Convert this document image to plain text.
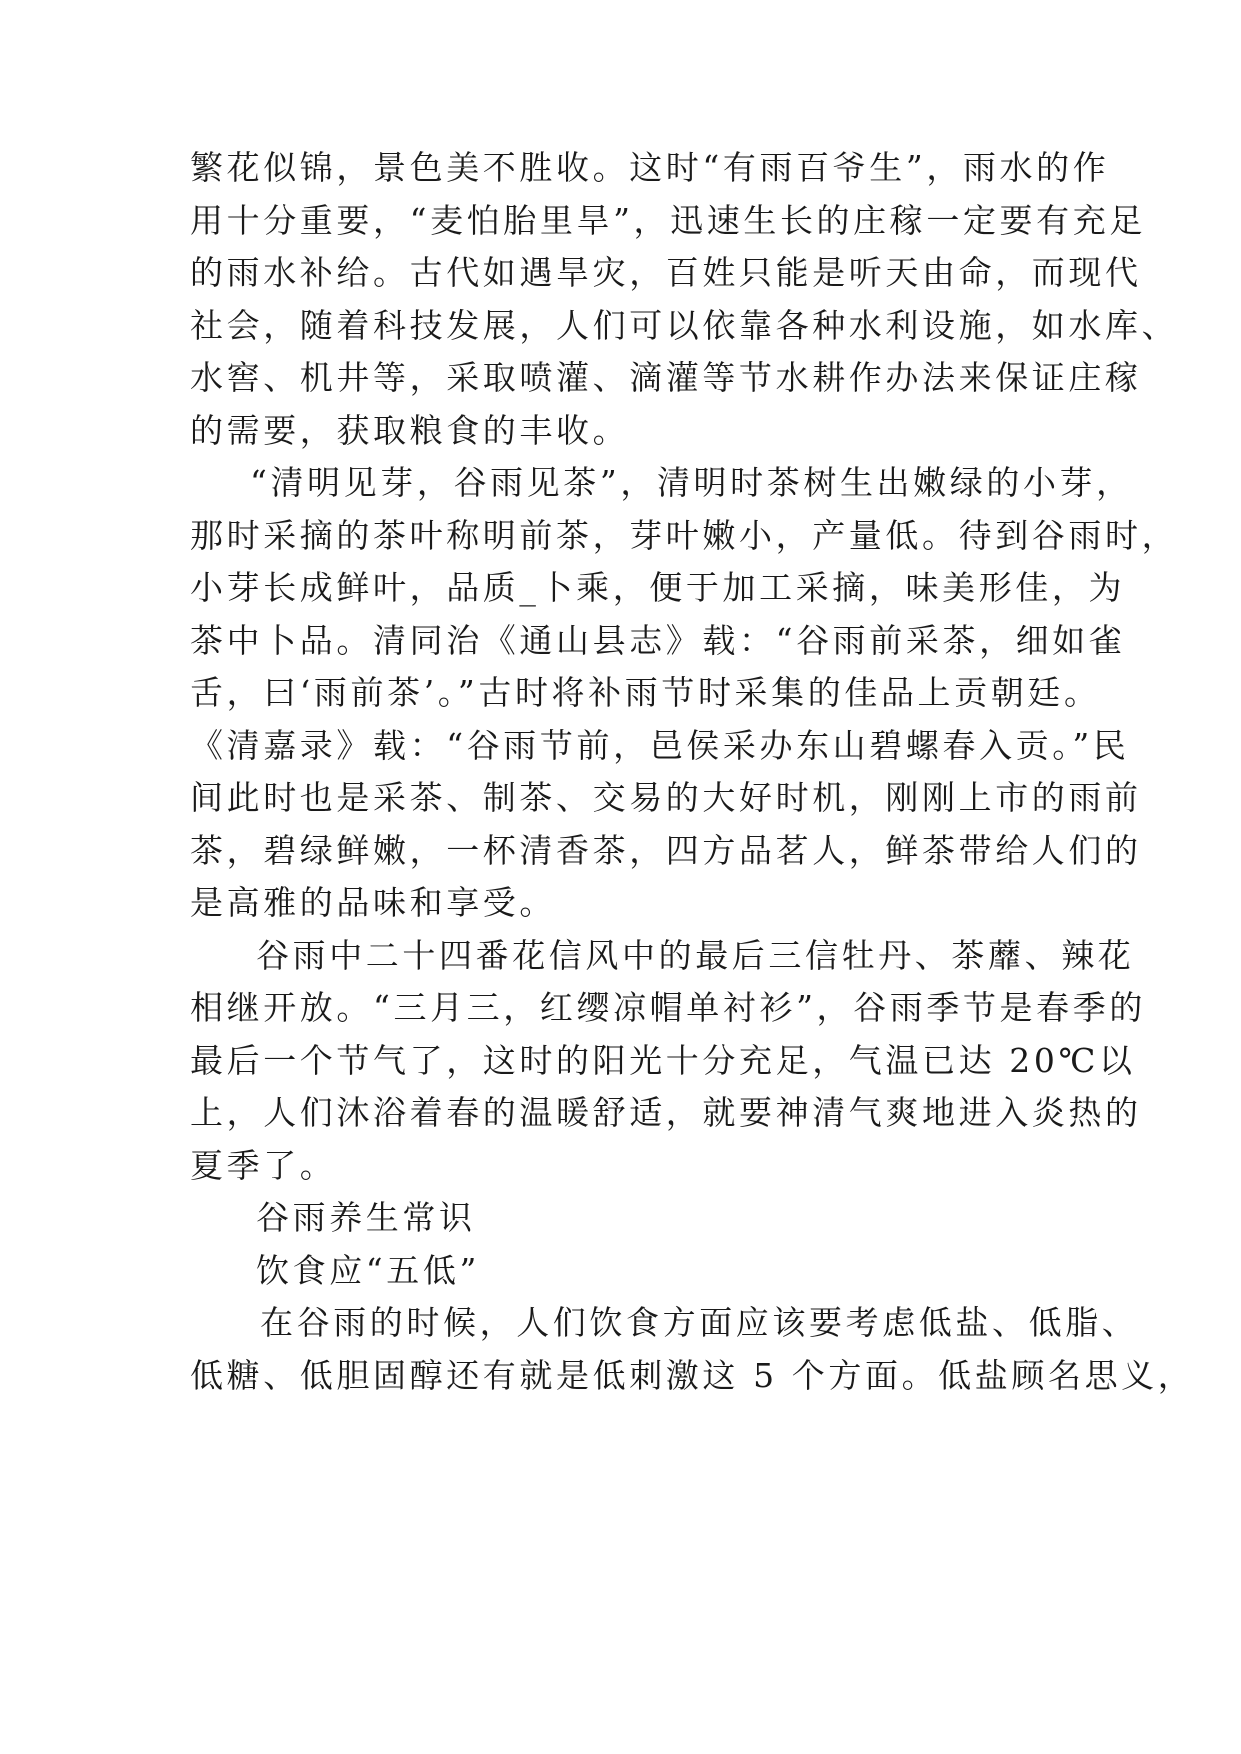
繁花似锦，景色美不胜收。这时“有雨百爷生”，雨水的作
用十分重要，“麦怕胎里旱”，迅速生长的庄稼一定要有充足
的雨水补给。古代如遇旱灾，百姓只能是听天由命，而现代
社会，随着科技发展，人们可以依靠各种水利设施，如水库、
水窖、机井等，采取喷灌、滴灌等节水耕作办法来保证庄稼
的需要，获取粮食的丰收。
“清明见芽，谷雨见茶”，清明时茶树生出嫩绿的小芽，
那时采摘的茶叶称明前茶，芽叶嫩小，产量低。待到谷雨时，
小芽长成鲜叶，品质_卜乘，便于加工采摘，味美形佳，为
茶中卜品。清同治《通山县志》载：“谷雨前采茶，细如雀
舌，曰‘雨前茶’。”古时将补雨节时采集的佳品上贡朝廷。
《清嘉录》载：“谷雨节前，邑侯采办东山碧螺春入贡。”民
间此时也是采茶、制茶、交易的大好时机，刚刚上市的雨前
茶，碧绿鲜嫩，一杯清香茶，四方品茗人，鲜茶带给人们的
是高雅的品味和享受。
谷雨中二十四番花信风中的最后三信牡丹、茶蘼、辣花
相继开放。“三月三，红缨凉帽单衬衫”，谷雨季节是春季的
最后一个节气了，这时的阳光十分充足，气温已达 20℃以
上，人们沐浴着春的温暖舒适，就要神清气爽地进入炎热的
夏季了。
谷雨养生常识
饮食应“五低”
在谷雨的时候，人们饮食方面应该要考虑低盐、低脂、
低糖、低胆固醇还有就是低刺激这 5 个方面。低盐顾名思义，
